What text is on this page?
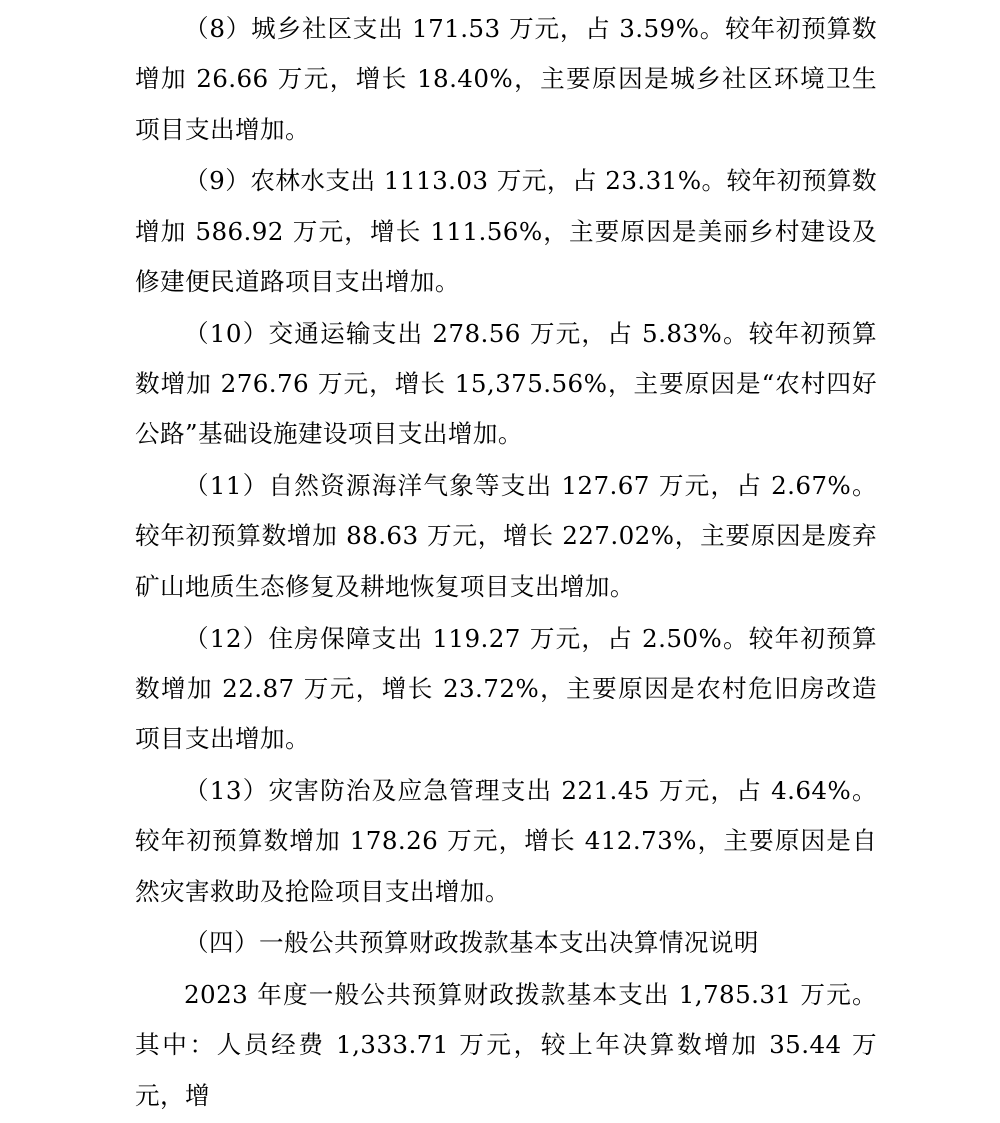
（8）城乡社区支出 171.53 万元，占 3.59%。较年初预算数增加 26.66 万元，增长 18.40%，主要原因是城乡社区环境卫生项目支出增加。

（9）农林水支出 1113.03 万元，占 23.31%。较年初预算数增加 586.92 万元，增长 111.56%，主要原因是美丽乡村建设及修建便民道路项目支出增加。

（10）交通运输支出 278.56 万元，占 5.83%。较年初预算数增加 276.76 万元，增长 15,375.56%，主要原因是“农村四好公路”基础设施建设项目支出增加。

（11）自然资源海洋气象等支出 127.67 万元，占 2.67%。较年初预算数增加 88.63 万元，增长 227.02%，主要原因是废弃矿山地质生态修复及耕地恢复项目支出增加。

（12）住房保障支出 119.27 万元，占 2.50%。较年初预算数增加 22.87 万元，增长 23.72%，主要原因是农村危旧房改造项目支出增加。

（13）灾害防治及应急管理支出 221.45 万元，占 4.64%。较年初预算数增加 178.26 万元，增长 412.73%，主要原因是自然灾害救助及抢险项目支出增加。

（四）一般公共预算财政拨款基本支出决算情况说明

2023 年度一般公共预算财政拨款基本支出 1,785.31 万元。其中：人员经费 1,333.71 万元，较上年决算数增加 35.44 万元，增
